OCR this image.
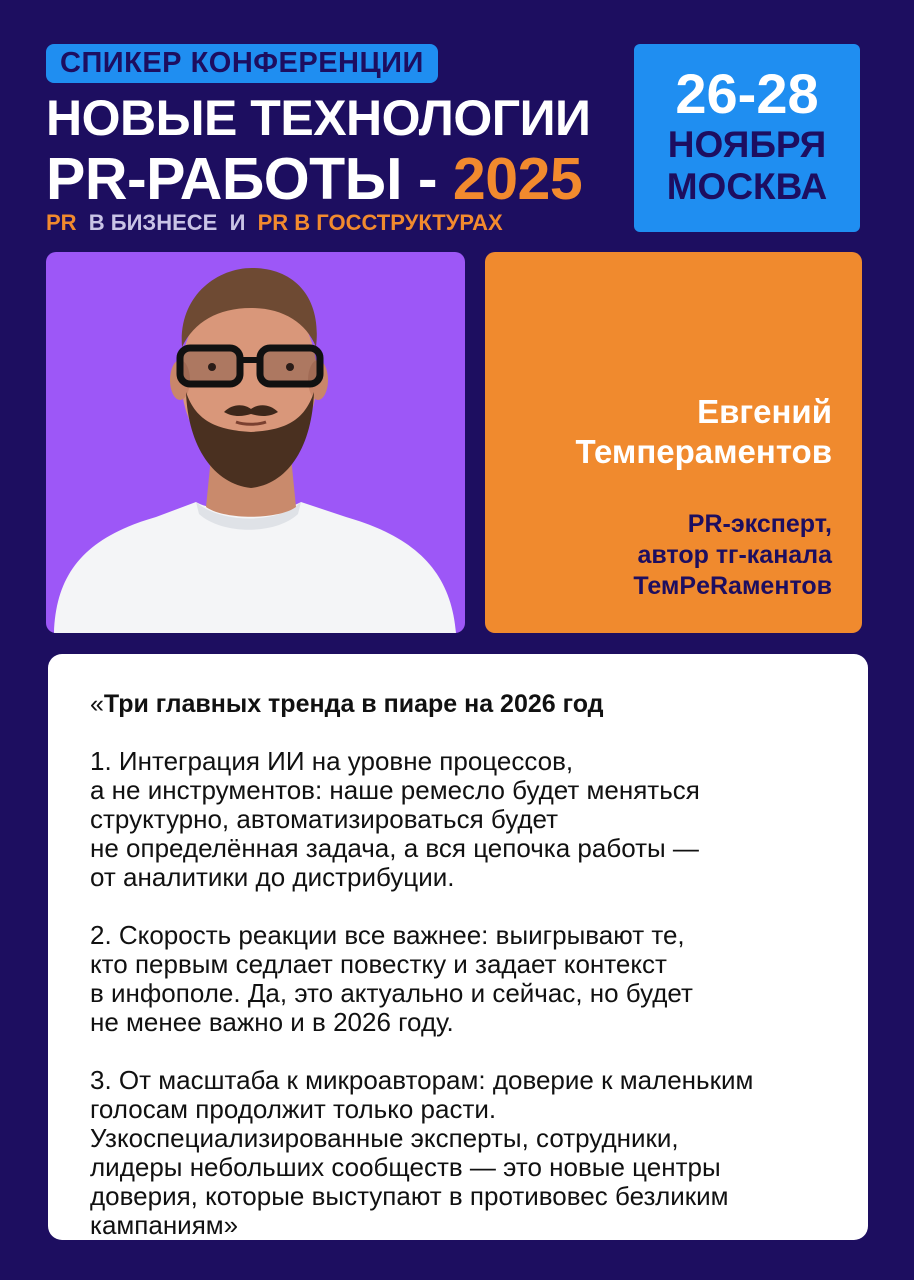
СПИКЕР КОНФЕРЕНЦИИ
НОВЫЕ ТЕХНОЛОГИИ
PR-РАБОТЫ - 2025
PR В БИЗНЕСЕ И PR В ГОССТРУКТУРАХ
26-28
НОЯБРЯ
МОСКВА
Евгений
Темпераментов
PR-эксперт,
автор тг-канала
ТемPeRаментов
«Три главных тренда в пиаре на 2026 год
1. Интеграция ИИ на уровне процессов,
а не инструментов: наше ремесло будет меняться
структурно, автоматизироваться будет
не определённая задача, а вся цепочка работы —
от аналитики до дистрибуции.
2. Скорость реакции все важнее: выигрывают те,
кто первым седлает повестку и задает контекст
в инфополе. Да, это актуально и сейчас, но будет
не менее важно и в 2026 году.
3. От масштаба к микроавторам: доверие к маленьким
голосам продолжит только расти.
Узкоспециализированные эксперты, сотрудники,
лидеры небольших сообществ — это новые центры
доверия, которые выступают в противовес безликим
кампаниям»
